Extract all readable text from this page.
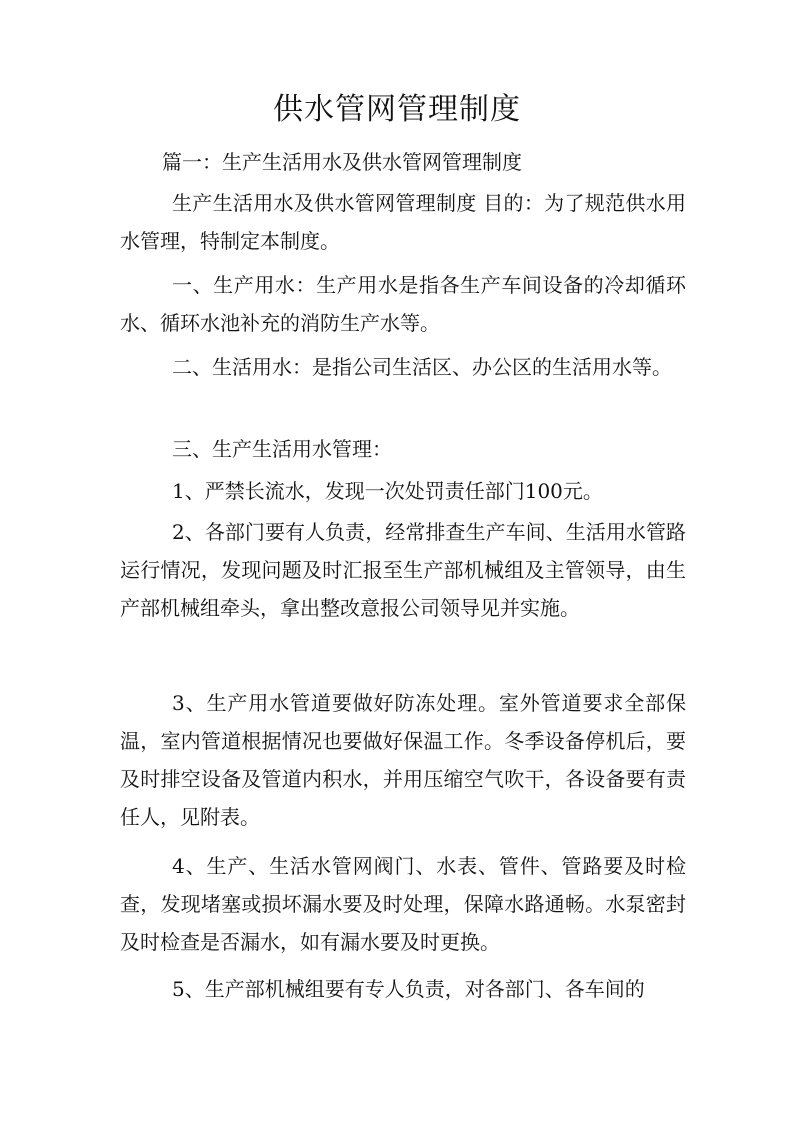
供水管网管理制度
篇一：生产生活用水及供水管网管理制度
生产生活用水及供水管网管理制度 目的：为了规范供水用水管理，特制定本制度。
一、生产用水：生产用水是指各生产车间设备的冷却循环水、循环水池补充的消防生产水等。
二、生活用水：是指公司生活区、办公区的生活用水等。
三、生产生活用水管理：
1、严禁长流水，发现一次处罚责任部门100元。
2、各部门要有人负责，经常排查生产车间、生活用水管路运行情况，发现问题及时汇报至生产部机械组及主管领导，由生产部机械组牵头，拿出整改意报公司领导见并实施。
3、生产用水管道要做好防冻处理。室外管道要求全部保温，室内管道根据情况也要做好保温工作。冬季设备停机后，要及时排空设备及管道内积水，并用压缩空气吹干，各设备要有责任人，见附表。
4、生产、生活水管网阀门、水表、管件、管路要及时检查，发现堵塞或损坏漏水要及时处理，保障水路通畅。水泵密封及时检查是否漏水，如有漏水要及时更换。
5、生产部机械组要有专人负责，对各部门、各车间的
